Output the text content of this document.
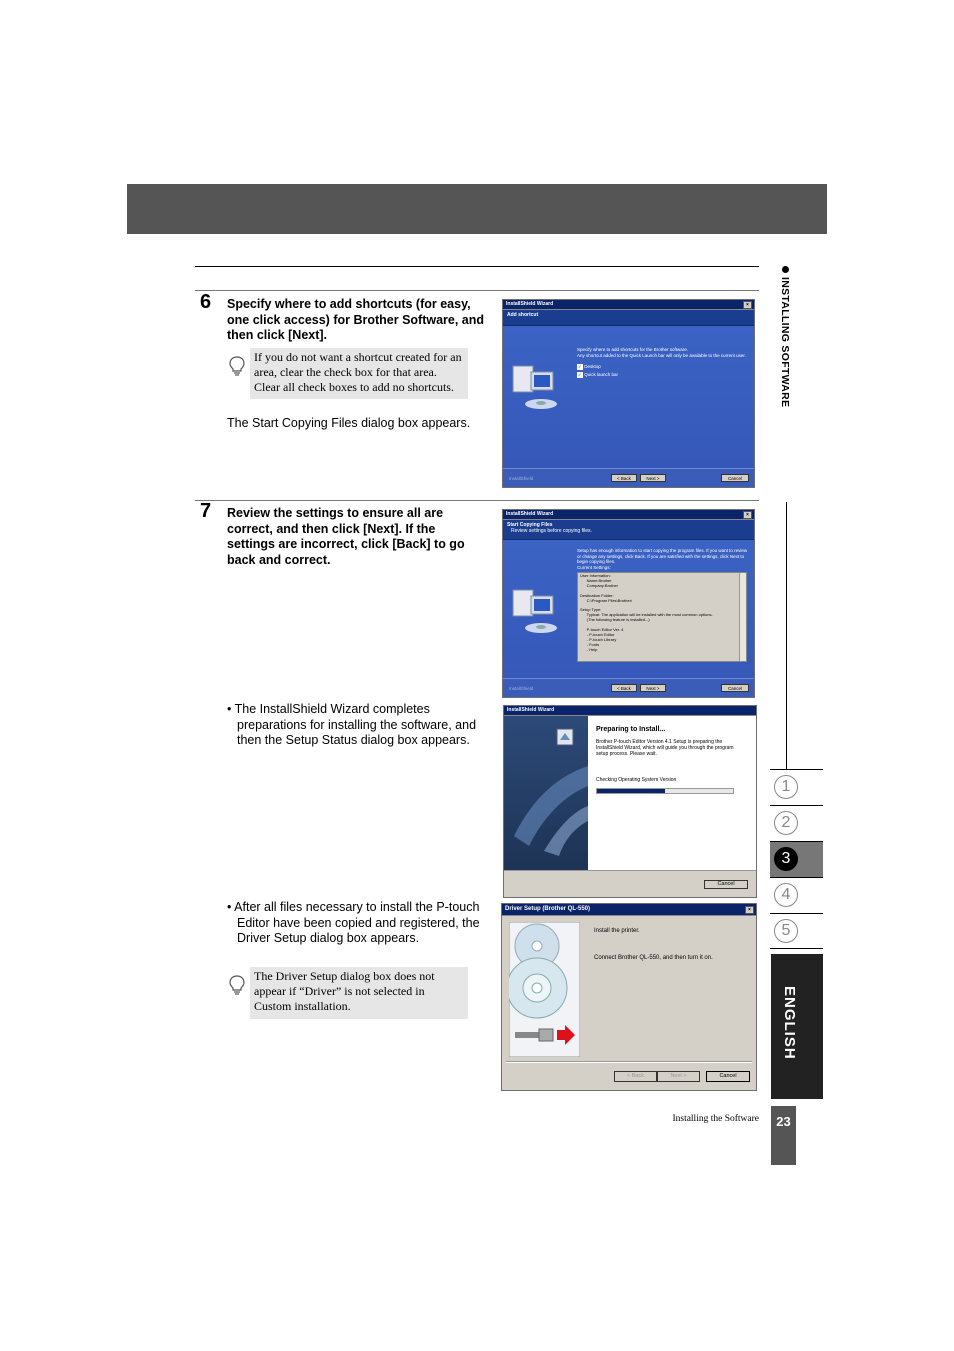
6 Specify where to add shortcuts (for easy, one click access) for Brother Software, and then click [Next].
If you do not want a shortcut created for an area, clear the check box for that area. Clear all check boxes to add no shortcuts.
The Start Copying Files dialog box appears.
InstallShield Wizard	×
Add shortcut
Specify where to add shortcuts for the Brother software.
Any shortcut added to the Quick Launch bar will only be available to the current user.
✓ Desktop
✓ Quick launch bar
InstallShield	< Back	Next >	Cancel
7 Review the settings to ensure all are correct, and then click [Next]. If the settings are incorrect, click [Back] to go back and correct.
InstallShield Wizard	×
Start Copying Files
Review settings before copying files.
Setup has enough information to start copying the program files. If you want to review or change any settings, click Back. If you are satisfied with the settings, click Next to begin copying files.
Current Settings:
User Information:
Name:Brother
Company:Brother

Destination Folder:
C:\Program Files\Brother\

Setup Type:
Typical: The application will be installed with the most common options.
(The following feature is installed...)

P-touch Editor Ver. 4
- P-touch Editor
- P-touch Library
- Fonts
- Help
InstallShield	< Back	Next >	Cancel
• The InstallShield Wizard completes preparations for installing the software, and then the Setup Status dialog box appears.
InstallShield Wizard
Preparing to Install...
Brother P-touch Editor Version 4.1 Setup is preparing the InstallShield Wizard, which will guide you through the program setup process. Please wait.
Checking Operating System Version
Cancel
• After all files necessary to install the P-touch Editor have been copied and registered, the Driver Setup dialog box appears.
The Driver Setup dialog box does not appear if “Driver” is not selected in Custom installation.
Driver Setup (Brother QL-550)	×
Install the printer.
Connect Brother QL-550, and then turn it on.
< Back	Next >	Cancel
Installing the Software
INSTALLING SOFTWARE
1
2
3
4
5
ENGLISH
23
